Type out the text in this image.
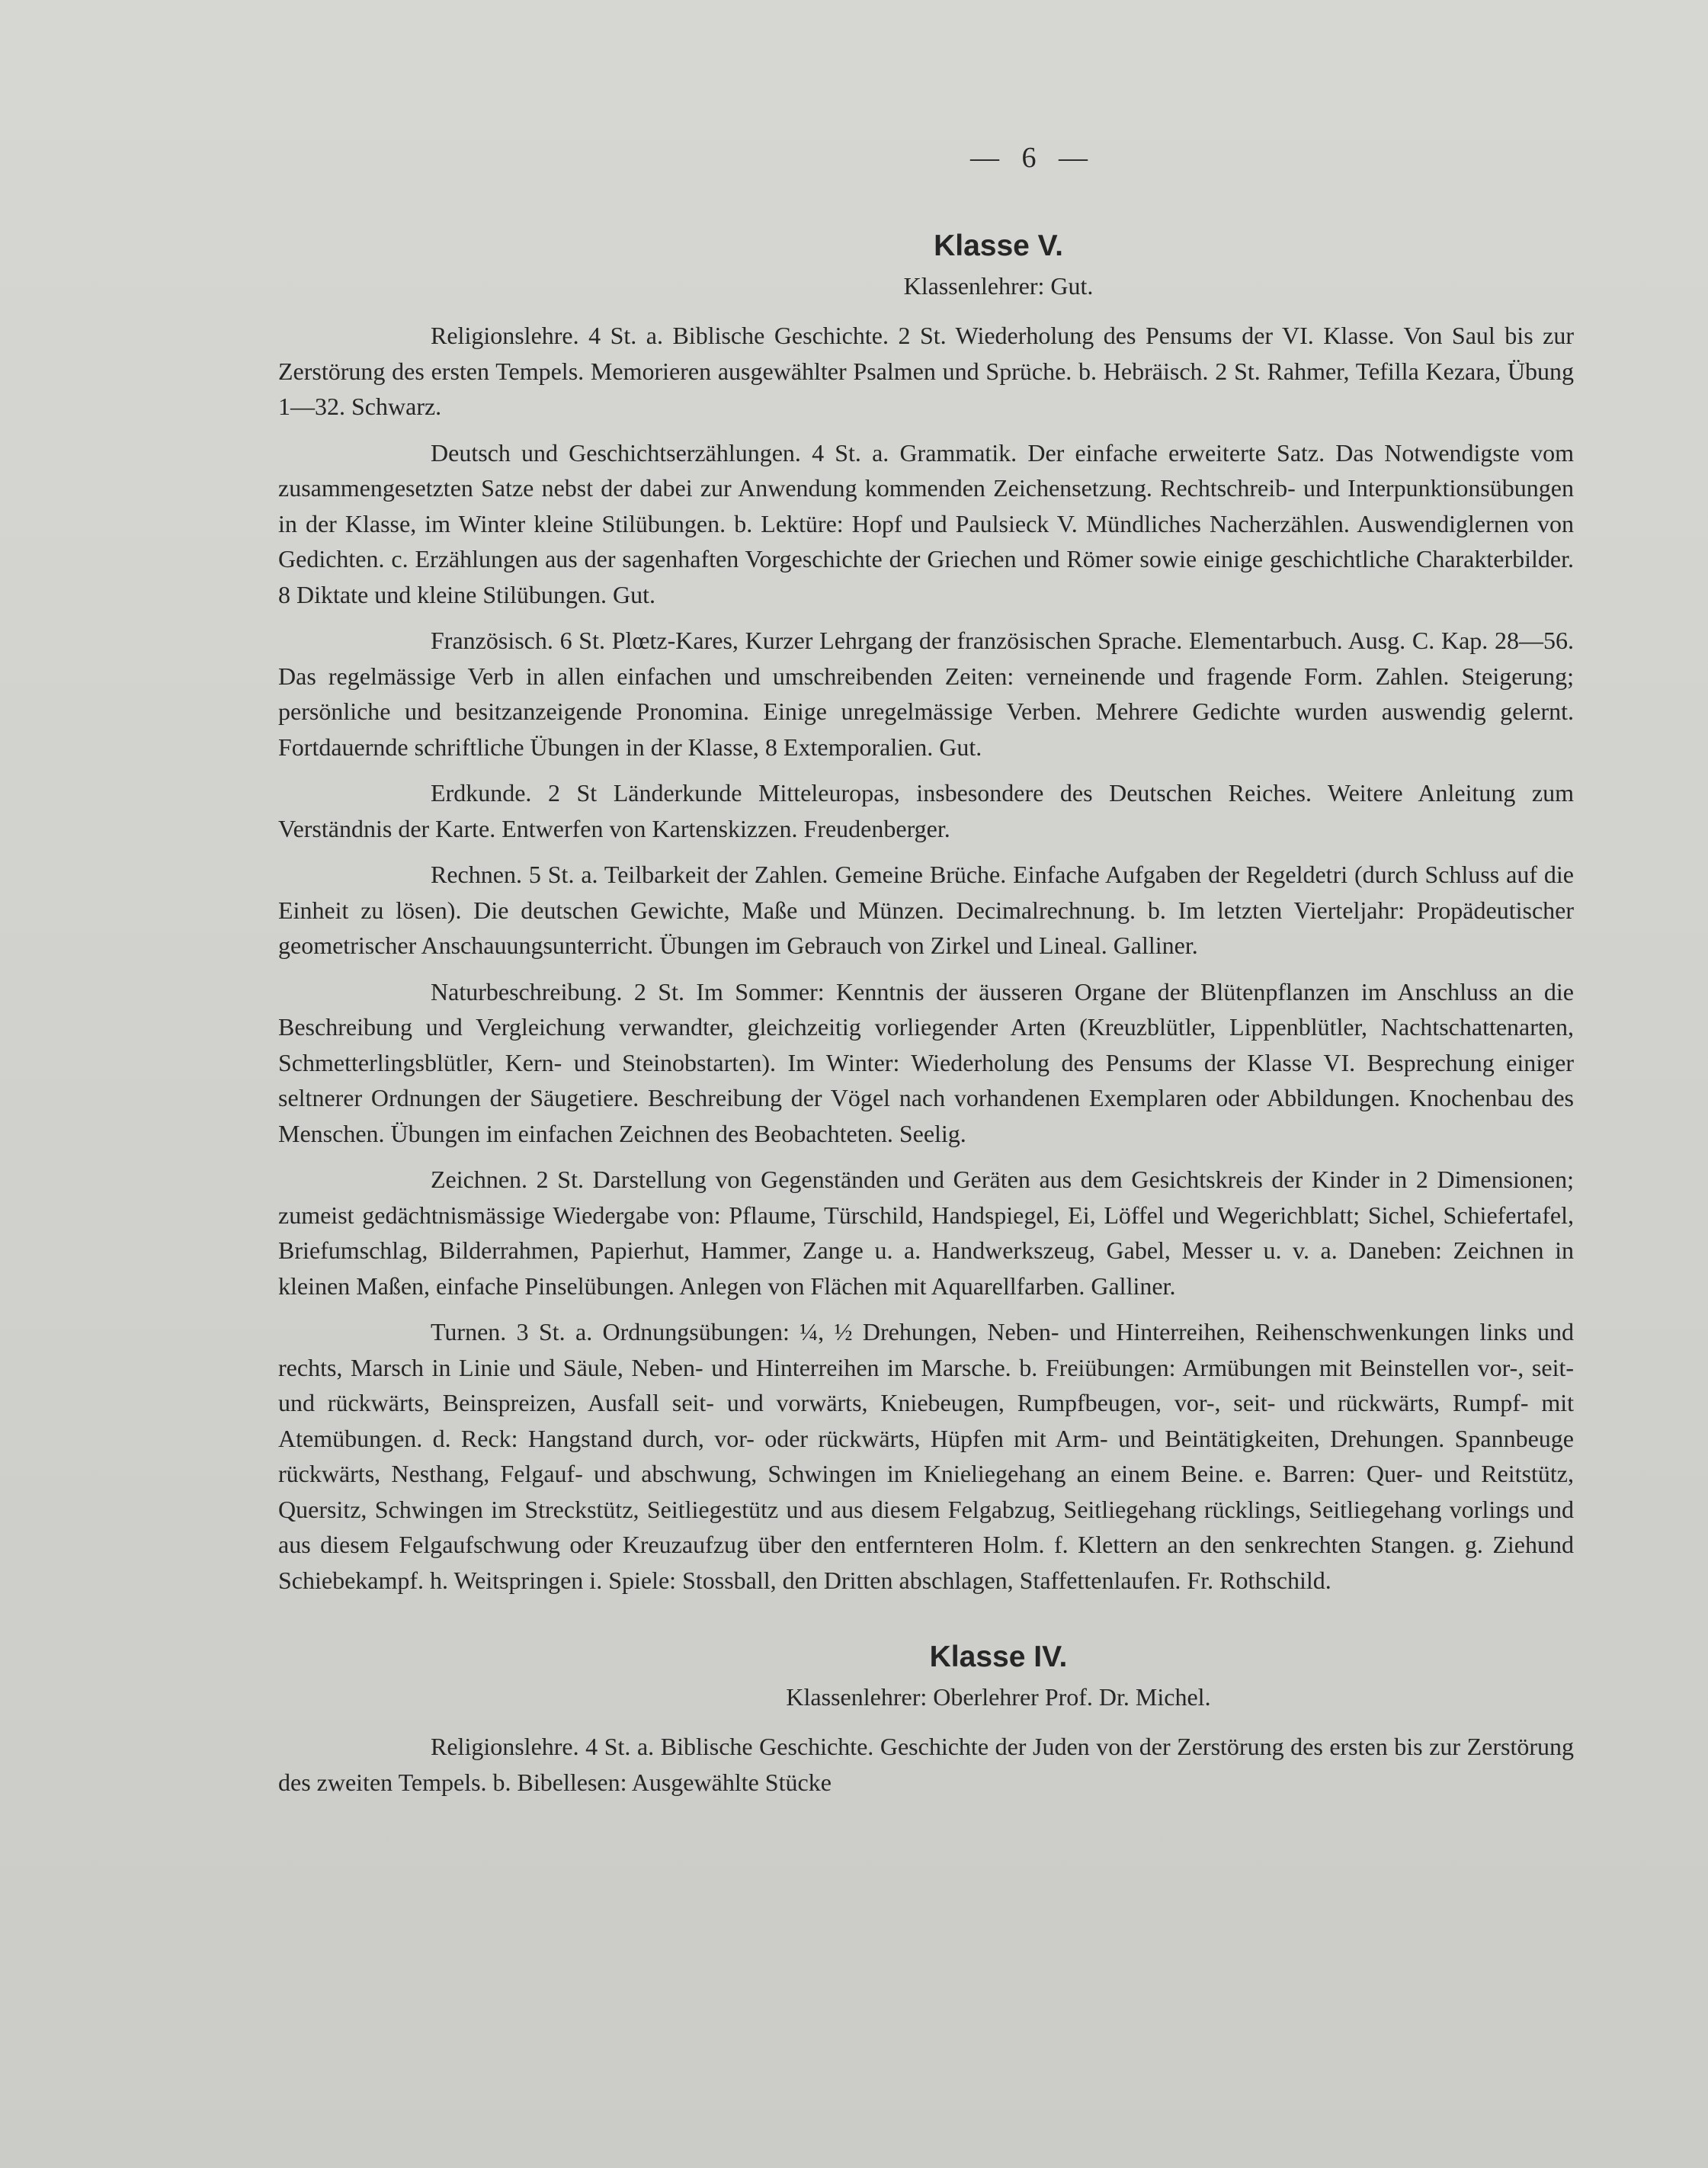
— 6 —
Klasse V.
Klassenlehrer: Gut.

Religionslehre. 4 St. a. Biblische Geschichte. 2 St. Wiederholung des Pensums der VI. Klasse. Von Saul bis zur Zerstörung des ersten Tempels. Memorieren ausgewählter Psalmen und Sprüche. b. Hebräisch. 2 St. Rahmer, Tefilla Kezara, Übung 1—32. Schwarz.

Deutsch und Geschichtserzählungen. 4 St. a. Grammatik. Der einfache erweiterte Satz. Das Notwendigste vom zusammengesetzten Satze nebst der dabei zur Anwendung kommenden Zeichensetzung. Rechtschreib- und Interpunktionsübungen in der Klasse, im Winter kleine Stilübungen. b. Lektüre: Hopf und Paulsieck V. Mündliches Nacherzählen. Auswendiglernen von Gedichten. c. Erzählungen aus der sagenhaften Vorgeschichte der Griechen und Römer sowie einige geschichtliche Charakterbilder. 8 Diktate und kleine Stilübungen. Gut.

Französisch. 6 St. Plœtz-Kares, Kurzer Lehrgang der französischen Sprache. Elementarbuch. Ausg. C. Kap. 28—56. Das regelmässige Verb in allen einfachen und umschreibenden Zeiten: verneinende und fragende Form. Zahlen. Steigerung; persönliche und besitzanzeigende Pronomina. Einige unregelmässige Verben. Mehrere Gedichte wurden auswendig gelernt. Fortdauernde schriftliche Übungen in der Klasse, 8 Extemporalien. Gut.

Erdkunde. 2 St Länderkunde Mitteleuropas, insbesondere des Deutschen Reiches. Weitere Anleitung zum Verständnis der Karte. Entwerfen von Kartenskizzen. Freudenberger.

Rechnen. 5 St. a. Teilbarkeit der Zahlen. Gemeine Brüche. Einfache Aufgaben der Regeldetri (durch Schluss auf die Einheit zu lösen). Die deutschen Gewichte, Maße und Münzen. Decimalrechnung. b. Im letzten Vierteljahr: Propädeutischer geometrischer Anschauungsunterricht. Übungen im Gebrauch von Zirkel und Lineal. Galliner.

Naturbeschreibung. 2 St. Im Sommer: Kenntnis der äusseren Organe der Blütenpflanzen im Anschluss an die Beschreibung und Vergleichung verwandter, gleichzeitig vorliegender Arten (Kreuzblütler, Lippenblütler, Nachtschattenarten, Schmetterlingsblütler, Kern- und Steinobstarten). Im Winter: Wiederholung des Pensums der Klasse VI. Besprechung einiger seltnerer Ordnungen der Säugetiere. Beschreibung der Vögel nach vorhandenen Exemplaren oder Abbildungen. Knochenbau des Menschen. Übungen im einfachen Zeichnen des Beobachteten. Seelig.

Zeichnen. 2 St. Darstellung von Gegenständen und Geräten aus dem Gesichtskreis der Kinder in 2 Dimensionen; zumeist gedächtnismässige Wiedergabe von: Pflaume, Türschild, Handspiegel, Ei, Löffel und Wegerichblatt; Sichel, Schiefertafel, Briefumschlag, Bilderrahmen, Papierhut, Hammer, Zange u. a. Handwerkszeug, Gabel, Messer u. v. a. Daneben: Zeichnen in kleinen Maßen, einfache Pinselübungen. Anlegen von Flächen mit Aquarellfarben. Galliner.

Turnen. 3 St. a. Ordnungsübungen: ¼, ½ Drehungen, Neben- und Hinterreihen, Reihenschwenkungen links und rechts, Marsch in Linie und Säule, Neben- und Hinterreihen im Marsche. b. Freiübungen: Armübungen mit Beinstellen vor-, seit- und rückwärts, Beinspreizen, Ausfall seit- und vorwärts, Kniebeugen, Rumpfbeugen, vor-, seit- und rückwärts, Rumpf- mit Atemübungen. d. Reck: Hangstand durch, vor- oder rückwärts, Hüpfen mit Arm- und Beintätigkeiten, Drehungen. Spannbeuge rückwärts, Nesthang, Felgauf- und abschwung, Schwingen im Knieliegehang an einem Beine. e. Barren: Quer- und Reitstütz, Quersitz, Schwingen im Streckstütz, Seitliegestütz und aus diesem Felgabzug, Seitliegehang rücklings, Seitliegehang vorlings und aus diesem Felgaufschwung oder Kreuzaufzug über den entfernteren Holm. f. Klettern an den senkrechten Stangen. g. Ziehund Schiebekampf. h. Weitspringen i. Spiele: Stossball, den Dritten abschlagen, Staffettenlaufen. Fr. Rothschild.

Klasse IV.
Klassenlehrer: Oberlehrer Prof. Dr. Michel.

Religionslehre. 4 St. a. Biblische Geschichte. Geschichte der Juden von der Zerstörung des ersten bis zur Zerstörung des zweiten Tempels. b. Bibellesen: Ausgewählte Stücke
